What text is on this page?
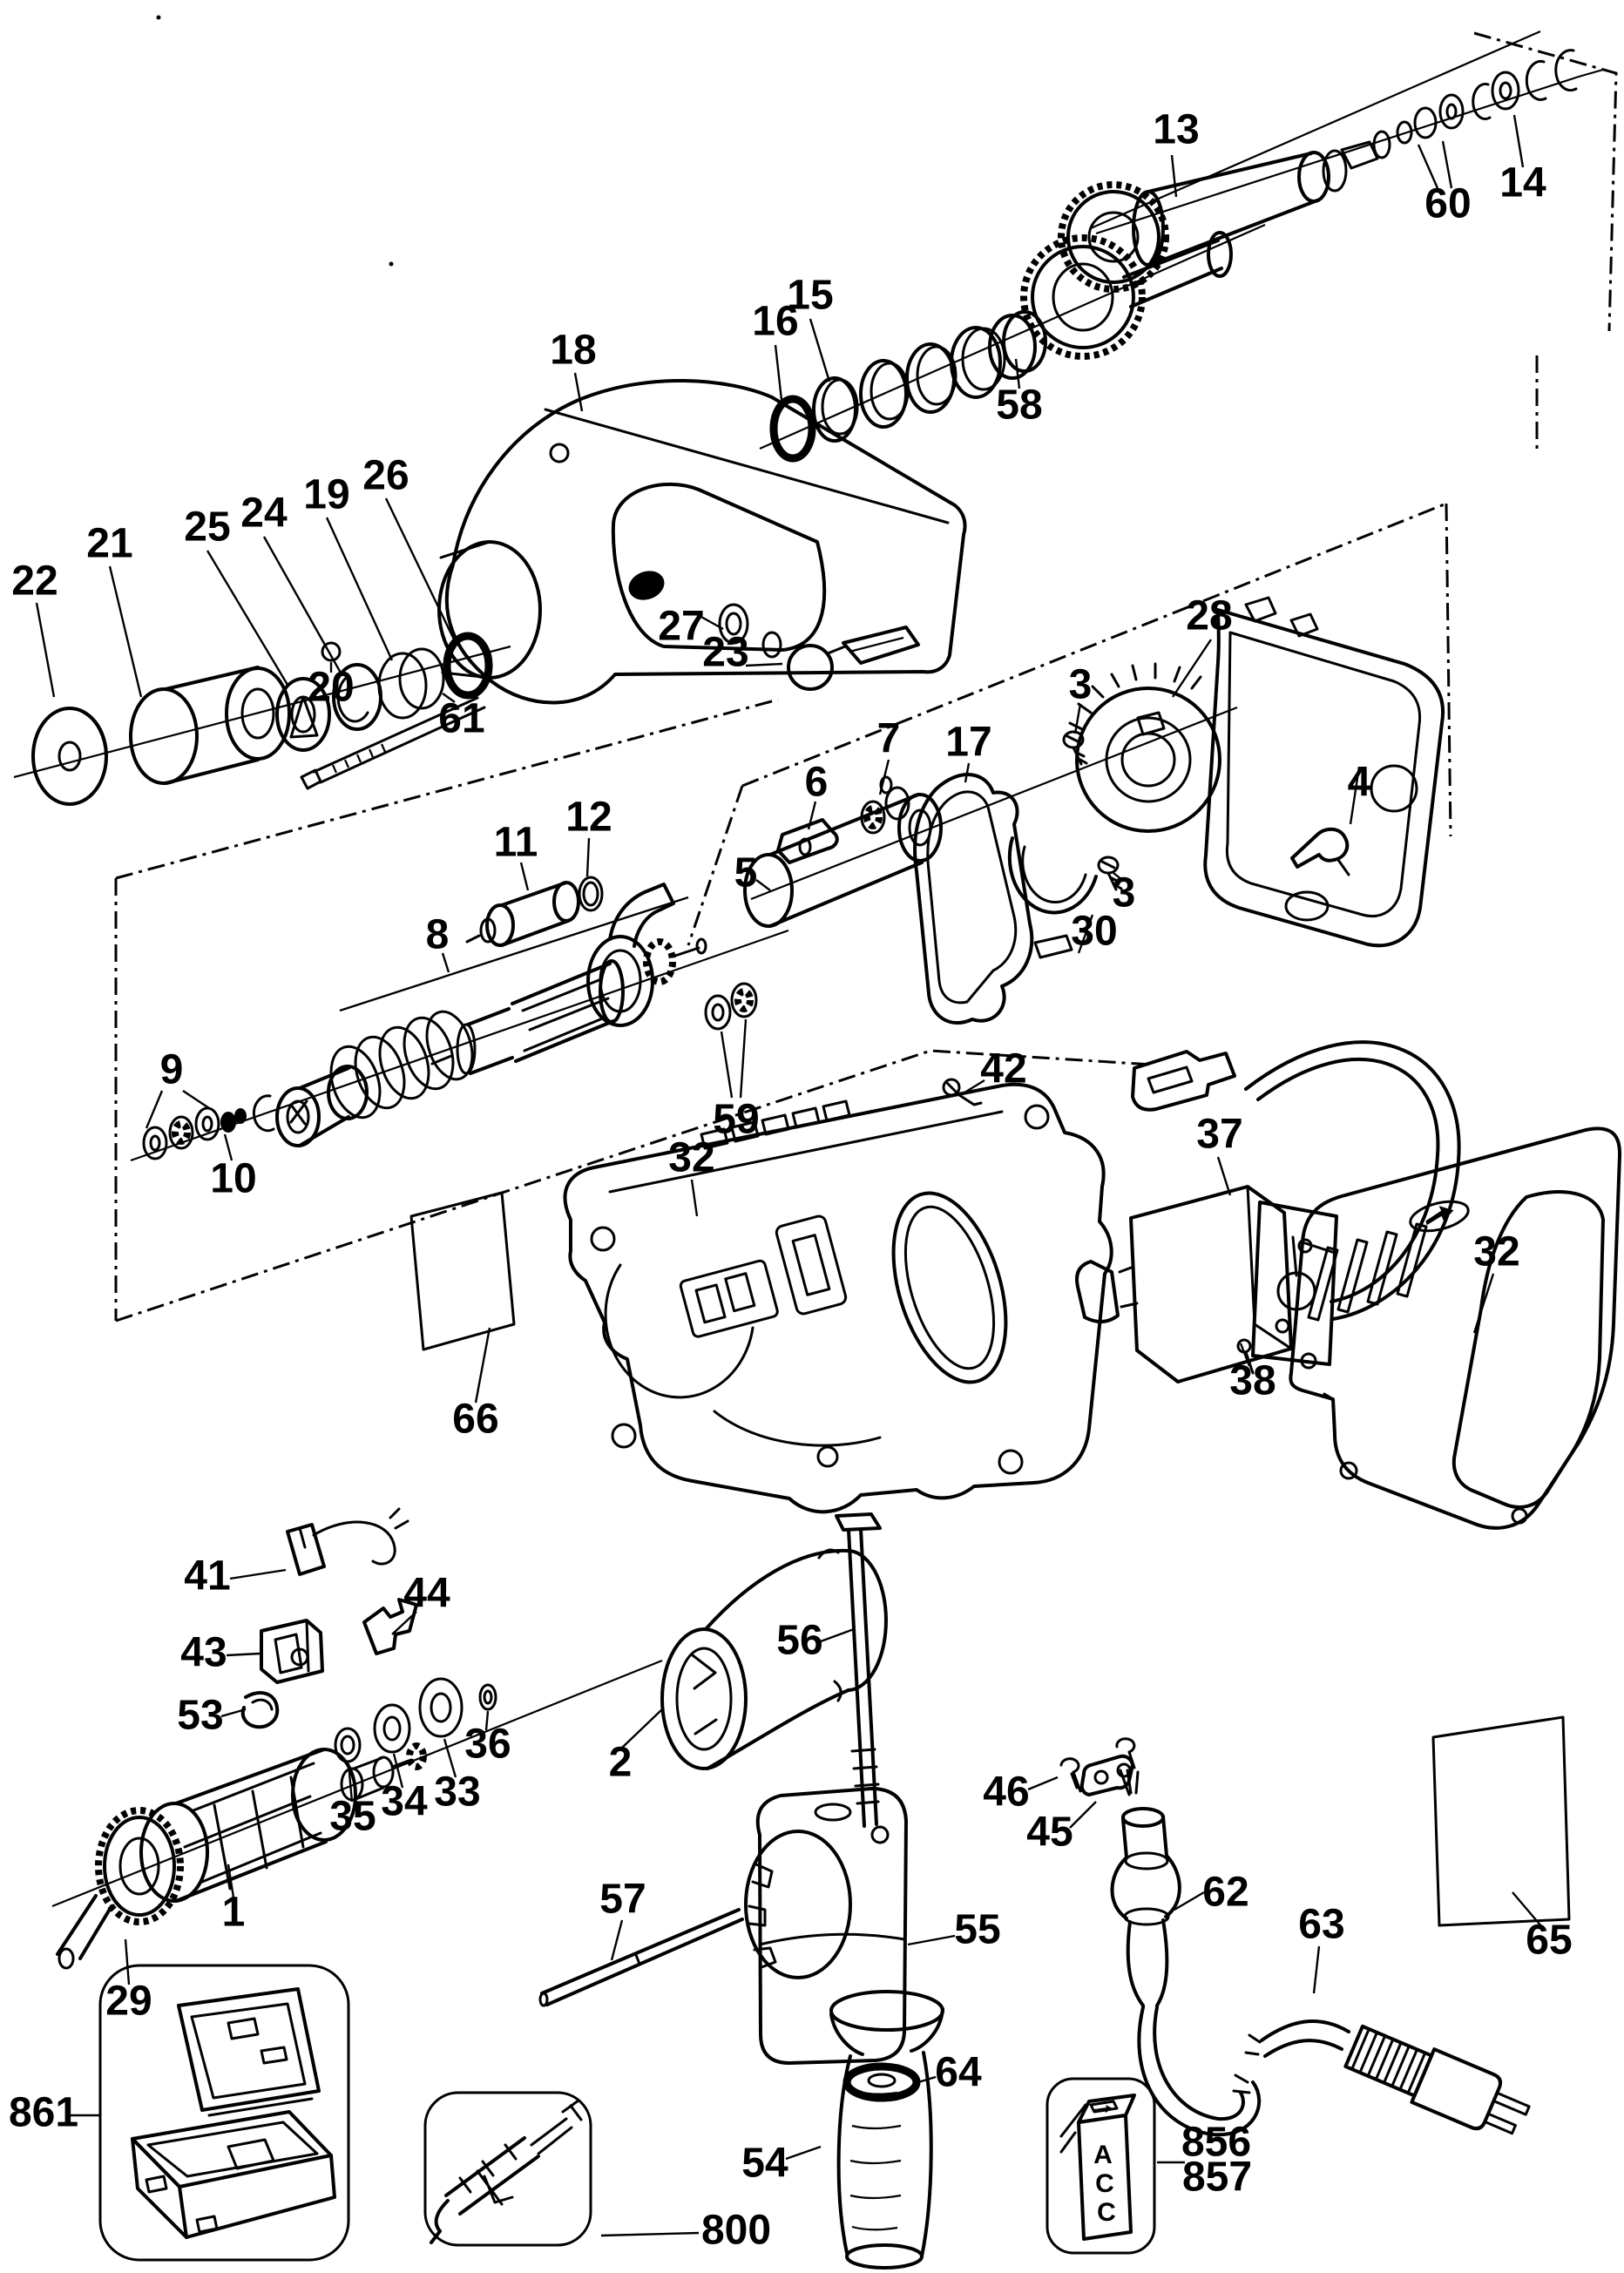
A
C
C
13
60 14
16
15
18
58
22
21 25 24 19 26
20
61
27
23
28
3
7 17
6
5	3
30
4
11
12
8
9
10
59
32
42
66
37
38
32
41	44
43
53
36 2
35 34 33
1
29
56
57
55
64
46
45
62
63	65
54
800
861
856
857
